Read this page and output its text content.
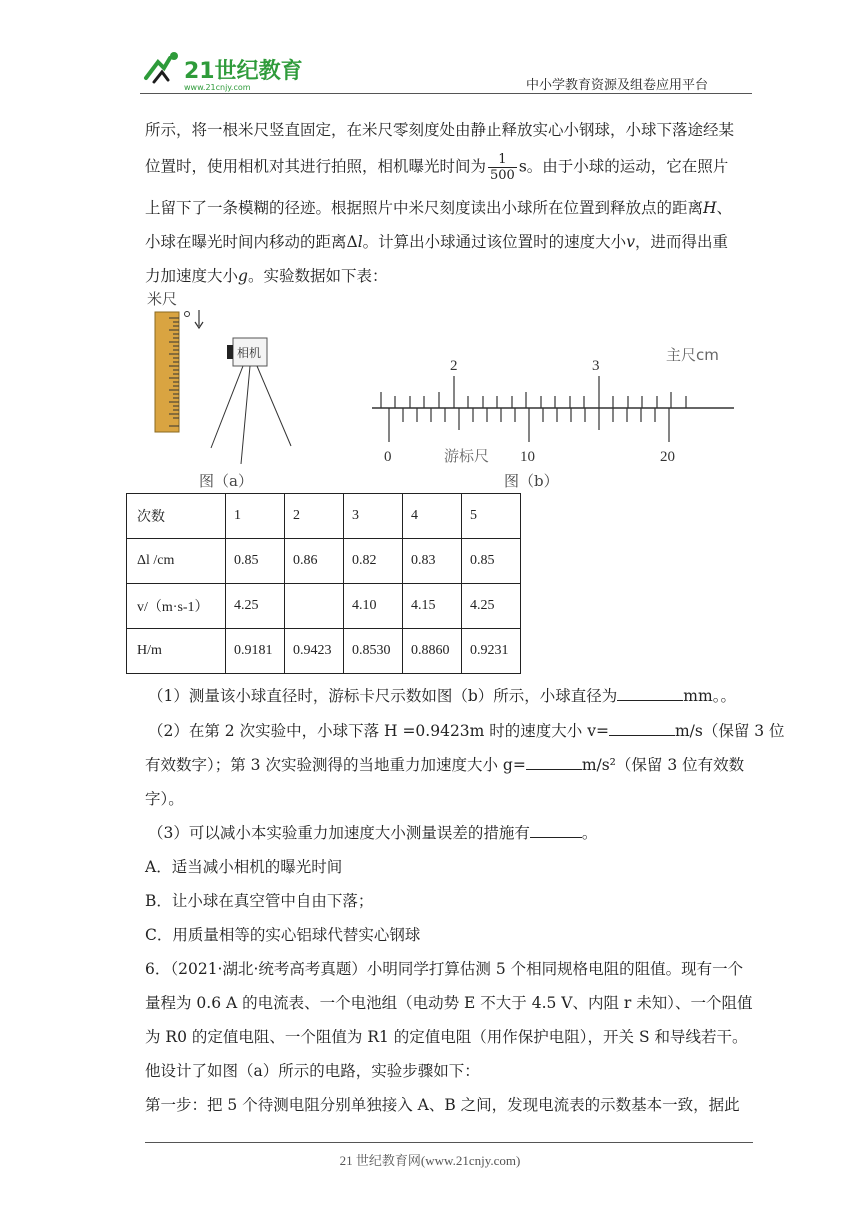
21世纪教育
www.21cnjy.com	中小学教育资源及组卷应用平台
所示，将一根米尺竖直固定，在米尺零刻度处由静止释放实心小钢球，小球下落途经某
位置时，使用相机对其进行拍照，相机曝光时间为 $\frac{1}{500}$ s。由于小球的运动，它在照片
上留下了一条模糊的径迹。根据照片中米尺刻度读出小球所在位置到释放点的距离H、
小球在曝光时间内移动的距离Δl。计算出小球通过该位置时的速度大小v，进而得出重
力加速度大小g。实验数据如下表：
米尺
相机
图（a）
2	3
主尺cm
0	游标尺 10	20
图（b）
次数	1	2	3	4	5
Δl /cm	0.85	0.86	0.82	0.83	0.85
v/（m·s-1）	4.25		4.10	4.15	4.25
H/m	0.9181	0.9423	0.8530	0.8860	0.9231
（1）测量该小球直径时，游标卡尺示数如图（b）所示，小球直径为	mm。。
（2）在第 2 次实验中，小球下落 H =0.9423m 时的速度大小 v=	m/s（保留 3 位
有效数字）；第 3 次实验测得的当地重力加速度大小 g=	m/s²（保留 3 位有效数
字）。
（3）可以减小本实验重力加速度大小测量误差的措施有	。
A．适当减小相机的曝光时间
B．让小球在真空管中自由下落；
C．用质量相等的实心铝球代替实心钢球
6．（2021·湖北·统考高考真题）小明同学打算估测 5 个相同规格电阻的阻值。现有一个
量程为 0.6 A 的电流表、一个电池组（电动势 E 不大于 4.5 V、内阻 r 未知）、一个阻值
为 R0 的定值电阻、一个阻值为 R1 的定值电阻（用作保护电阻），开关 S 和导线若干。
他设计了如图（a）所示的电路，实验步骤如下：
第一步：把 5 个待测电阻分别单独接入 A、B 之间，发现电流表的示数基本一致，据此
21 世纪教育网(www.21cnjy.com)
